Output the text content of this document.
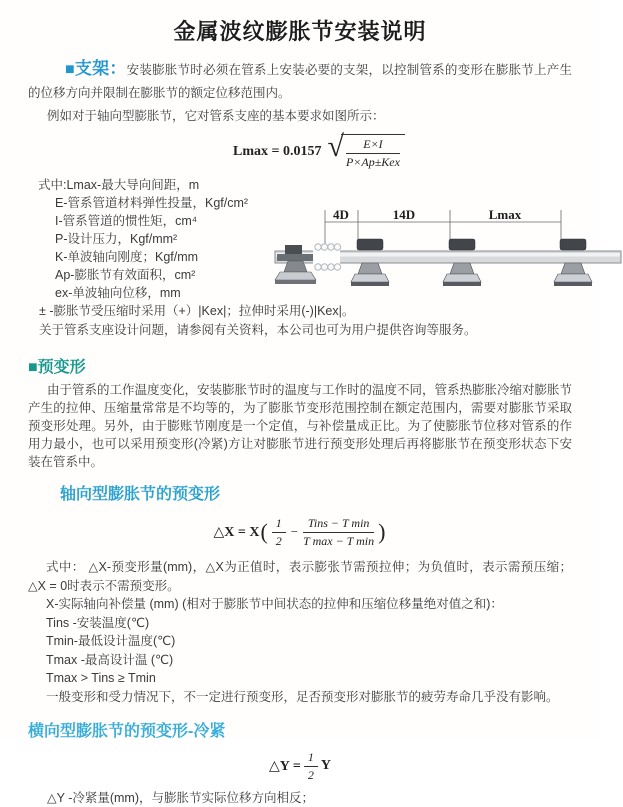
金属波纹膨胀节安装说明

■支架：安装膨胀节时必须在管系上安装必要的支架，以控制管系的变形在膨胀节上产生的位移方向并限制在膨胀节的额定位移范围内。

例如对于轴向型膨胀节，它对管系支座的基本要求如图所示：

Lmax = 0.0157 √ $\frac{E\times I}{\text{P×Ap±Kex}}$
式中:Lmax-最大导向间距，m
E-管系管道材料弹性投量，Kgf/cm²
I-管系管道的惯性矩，cm⁴
P-设计压力，Kgf/mm²
K-单波轴向刚度；Kgf/mm
Ap-膨胀节有效面积，cm²
ex-单波轴向位移，mm
± -膨胀节受压缩时采用（+）|Kex|；拉伸时采用(-)|Kex|。
关于管系支座设计问题，请参阅有关资料，本公司也可为用户提供咨询等服务。
4D	14D	Lmax
■预变形

由于管系的工作温度变化，安装膨胀节时的温度与工作时的温度不同，管系热膨胀冷缩对膨胀节产生的拉伸、压缩量常常是不均等的，为了膨胀节变形范围控制在额定范围内，需要对膨胀节采取预变形处理。另外，由于膨账节刚度是一个定值，与补偿量成正比。为了使膨胀节位移对管系的作用力最小，也可以采用预变形(冷紧)方让对膨胀节进行预变形处理后再将膨胀节在预变形状态下安装在管系中。

轴向型膨胀节的预变形
△X = X ( $\frac{1}{2} - \frac{\text{Tins − T min}}{\text{T max − T min}}$ )
式中： △X-预变形量(mm)，△X为正值时，表示膨张节需预拉伸；为负值时，表示需预压缩；△X = 0时表示不需预变形。
X-实际轴向补偿量 (mm) (相对于膨胀节中间状态的拉伸和压缩位移量绝对值之和)：
Tins -安装温度(℃)
Tmin-最低设计温度(℃)
Tmax -最高设计温 (℃)
Tmax > Tins ≥ Tmin
一般变形和受力情况下，不一定进行预变形，足否预变形对膨胀节的疲劳寿命几乎没有影响。
横向型膨胀节的预变形-冷紧
△Y = $\frac{1}{2}$ Y
△Y -冷紧量(mm)，与膨胀节实际位移方向相反；
